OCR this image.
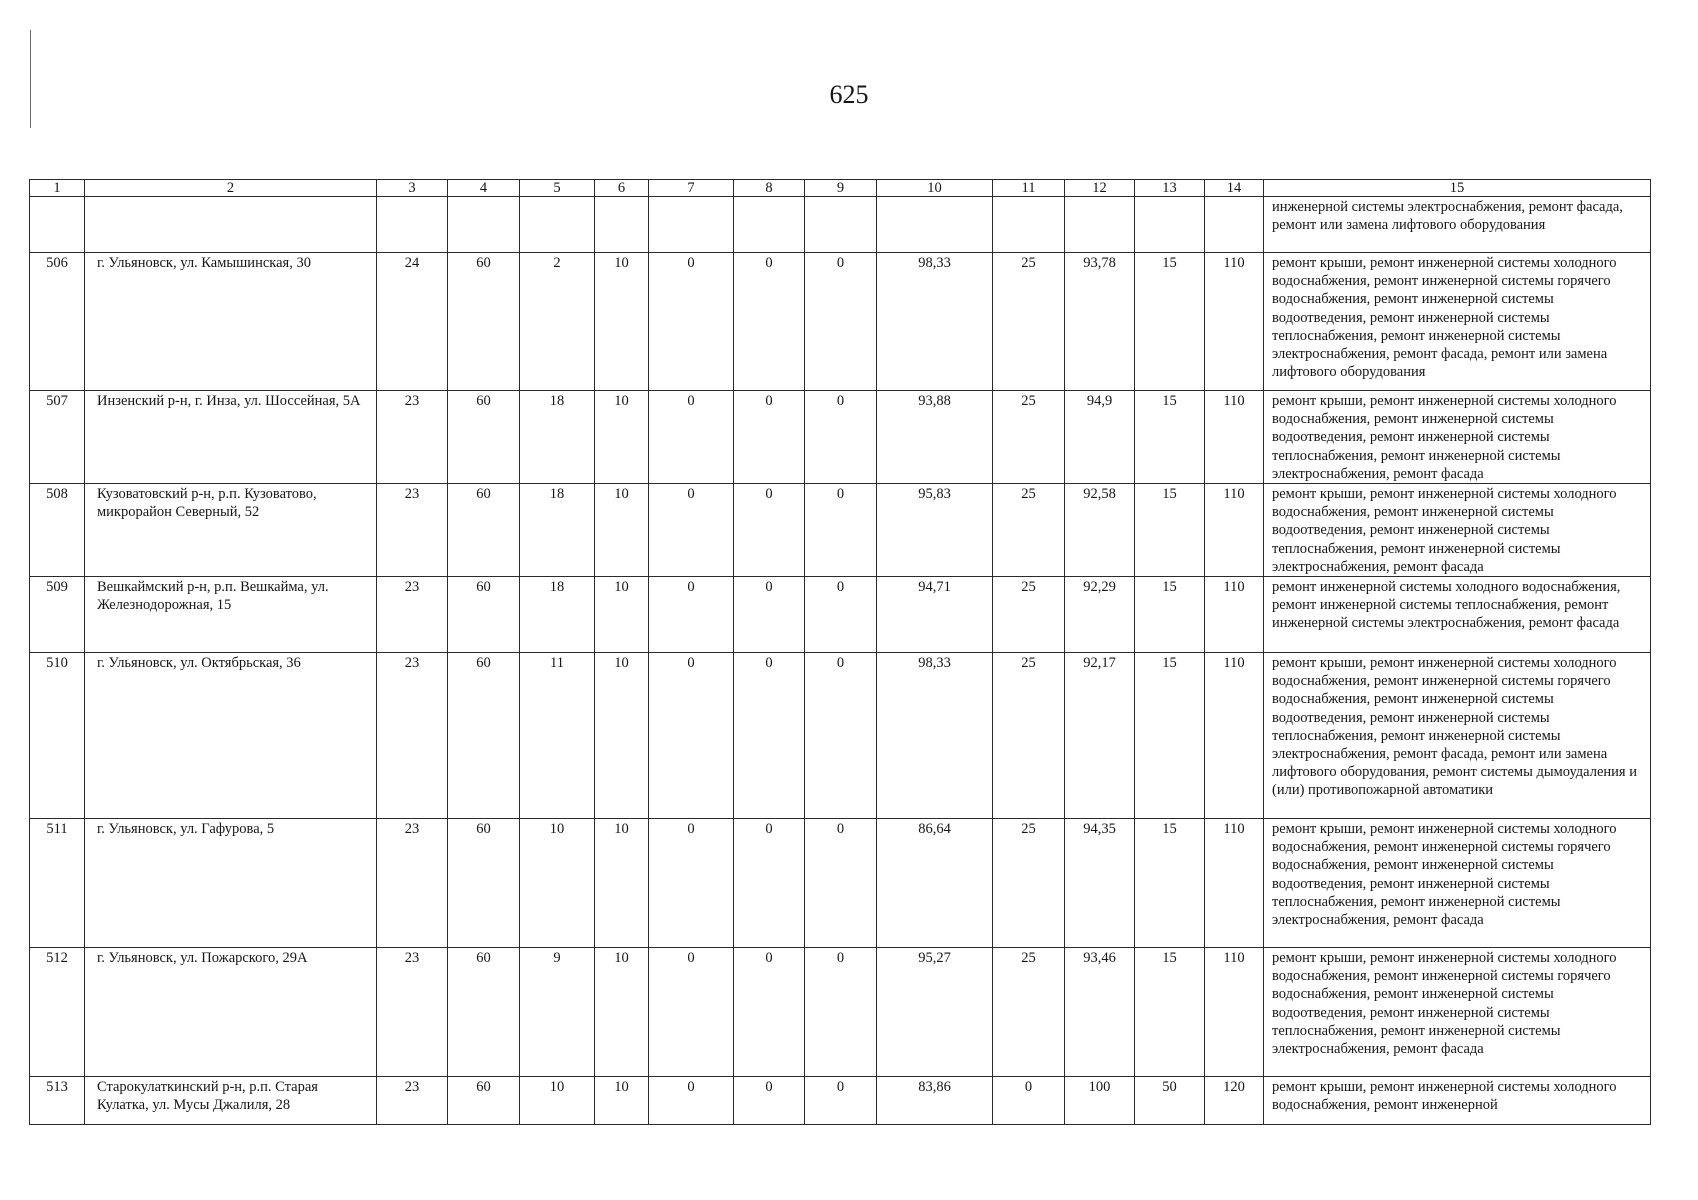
625
1	2	3	4	5	6	7	8	9	10	11	12	13	14	15
														инженерной системы электроснабжения, ремонт фасада, ремонт или замена лифтового оборудования
506	г. Ульяновск, ул. Камышинская, 30	24	60	2	10	0	0	0	98,33	25	93,78	15	110	ремонт крыши, ремонт инженерной системы холодного водоснабжения, ремонт инженерной системы горячего водоснабжения, ремонт инженерной системы водоотведения, ремонт инженерной системы теплоснабжения, ремонт инженерной системы электроснабжения, ремонт фасада, ремонт или замена лифтового оборудования
507	Инзенский р-н, г. Инза, ул. Шоссейная, 5А	23	60	18	10	0	0	0	93,88	25	94,9	15	110	ремонт крыши, ремонт инженерной системы холодного водоснабжения, ремонт инженерной системы водоотведения, ремонт инженерной системы теплоснабжения, ремонт инженерной системы электроснабжения, ремонт фасада
508	Кузоватовский р-н, р.п. Кузоватово, микрорайон Северный, 52	23	60	18	10	0	0	0	95,83	25	92,58	15	110	ремонт крыши, ремонт инженерной системы холодного водоснабжения, ремонт инженерной системы водоотведения, ремонт инженерной системы теплоснабжения, ремонт инженерной системы электроснабжения, ремонт фасада
509	Вешкаймский р-н, р.п. Вешкайма, ул. Железнодорожная, 15	23	60	18	10	0	0	0	94,71	25	92,29	15	110	ремонт инженерной системы холодного водоснабжения, ремонт инженерной системы теплоснабжения, ремонт инженерной системы электроснабжения, ремонт фасада
510	г. Ульяновск, ул. Октябрьская, 36	23	60	11	10	0	0	0	98,33	25	92,17	15	110	ремонт крыши, ремонт инженерной системы холодного водоснабжения, ремонт инженерной системы горячего водоснабжения, ремонт инженерной системы водоотведения, ремонт инженерной системы теплоснабжения, ремонт инженерной системы электроснабжения, ремонт фасада, ремонт или замена лифтового оборудования, ремонт системы дымоудаления и (или) противопожарной автоматики
511	г. Ульяновск, ул. Гафурова, 5	23	60	10	10	0	0	0	86,64	25	94,35	15	110	ремонт крыши, ремонт инженерной системы холодного водоснабжения, ремонт инженерной системы горячего водоснабжения, ремонт инженерной системы водоотведения, ремонт инженерной системы теплоснабжения, ремонт инженерной системы электроснабжения, ремонт фасада
512	г. Ульяновск, ул. Пожарского, 29А	23	60	9	10	0	0	0	95,27	25	93,46	15	110	ремонт крыши, ремонт инженерной системы холодного водоснабжения, ремонт инженерной системы горячего водоснабжения, ремонт инженерной системы водоотведения, ремонт инженерной системы теплоснабжения, ремонт инженерной системы электроснабжения, ремонт фасада
513	Старокулаткинский р-н, р.п. Старая Кулатка, ул. Мусы Джалиля, 28	23	60	10	10	0	0	0	83,86	0	100	50	120	ремонт крыши, ремонт инженерной системы холодного водоснабжения, ремонт инженерной
